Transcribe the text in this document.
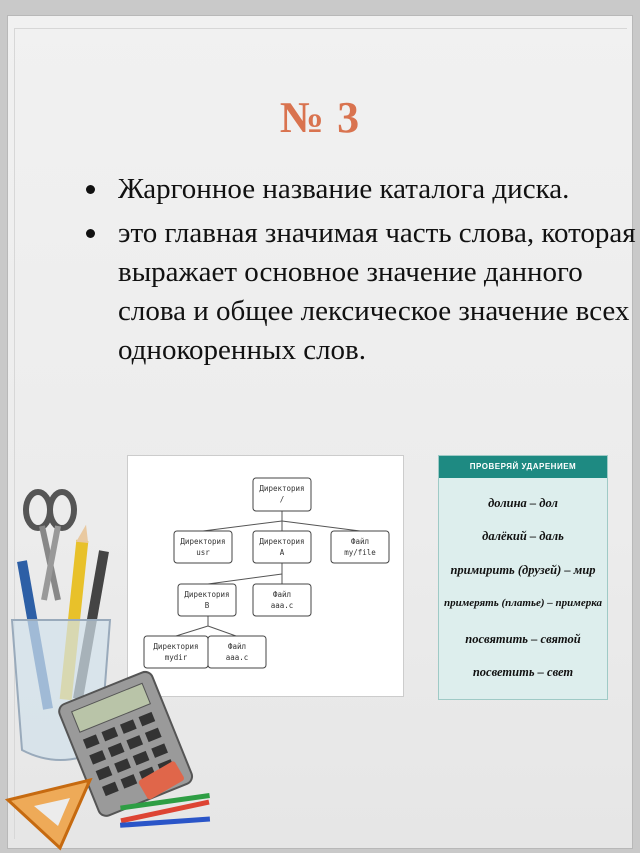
№ 3
Жаргонное название каталога диска.
это главная значимая часть слова, которая выражает основное значение данного слова и общее лексическое значение всех однокоренных слов.
Директория
/
Директория
usr
Директория
A
Файл
my/file
Директория
B
Файл
aaa.c
Директория
mydir
Файл
aaa.c
ПРОВЕРЯЙ УДАРЕНИЕМ
долина – дол
далёкий – даль
примирить (друзей) – мир
примерять (платье) – примерка
посвятить – святой
посветить – свет
